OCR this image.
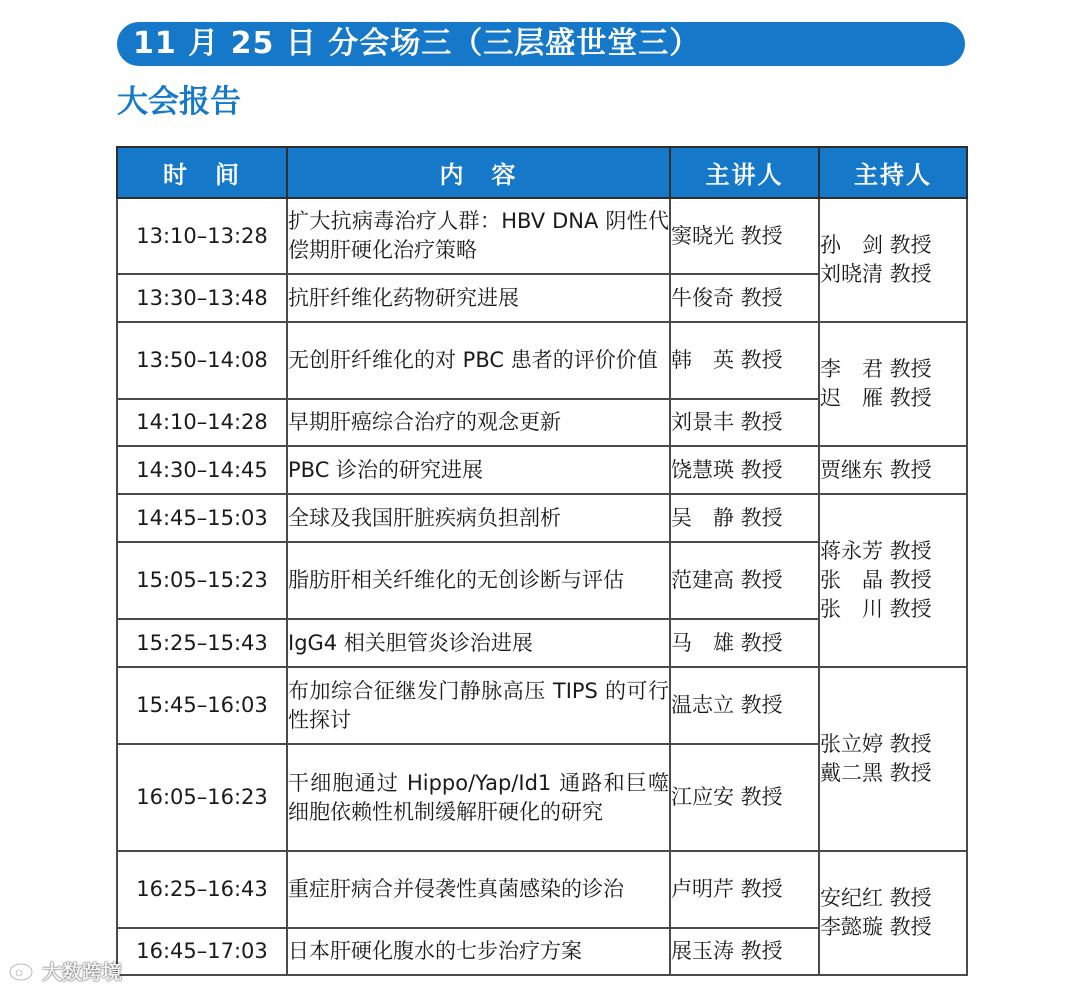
11 月 25 日 分会场三（三层盛世堂三）
大会报告
时　间	内　容	主讲人	主持人
13:10–13:28	扩大抗病毒治疗人群：HBV DNA 阴性代偿期肝硬化治疗策略	窦晓光 教授	孙　剑 教授
刘晓清 教授

13:30–13:48	抗肝纤维化药物研究进展	牛俊奇 教授	
13:50–14:08	无创肝纤维化的对 PBC 患者的评价价值	韩　英 教授	李　君 教授
迟　雁 教授

14:10–14:28	早期肝癌综合治疗的观念更新	刘景丰 教授	
14:30–14:45	PBC 诊治的研究进展	饶慧瑛 教授	贾继东 教授

14:45–15:03	全球及我国肝脏疾病负担剖析	吴　静 教授	蒋永芳 教授
张　晶 教授
张　川 教授

15:05–15:23	脂肪肝相关纤维化的无创诊断与评估	范建高 教授	
15:25–15:43	IgG4 相关胆管炎诊治进展	马　雄 教授	
15:45–16:03	布加综合征继发门静脉高压 TIPS 的可行性探讨	温志立 教授	张立婷 教授
戴二黑 教授

16:05–16:23	干细胞通过 Hippo/Yap/Id1 通路和巨噬细胞依赖性机制缓解肝硬化的研究	江应安 教授	
16:25–16:43	重症肝病合并侵袭性真菌感染的诊治	卢明芹 教授	安纪红 教授
李懿璇 教授

16:45–17:03	日本肝硬化腹水的七步治疗方案	展玉涛 教授	
大数跨境
